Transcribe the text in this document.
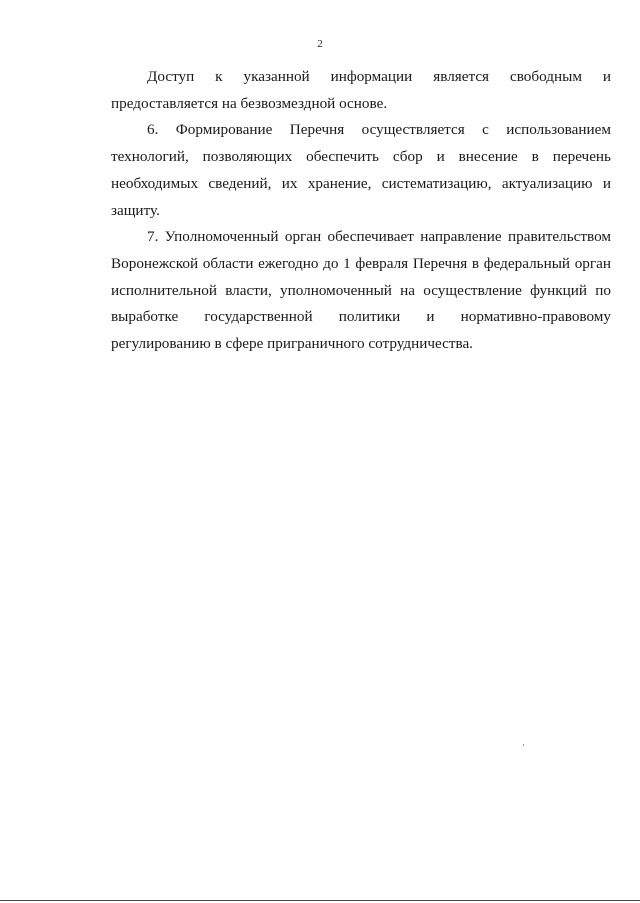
2

Доступ к указанной информации является свободным и
предоставляется на безвозмездной основе.

6. Формирование Перечня осуществляется с использованием
технологий, позволяющих обеспечить сбор и внесение в перечень
необходимых сведений, их хранение, систематизацию, актуализацию и
защиту.

7. Уполномоченный орган обеспечивает направление правительством
Воронежской области ежегодно до 1 февраля Перечня в федеральный орган
исполнительной власти, уполномоченный на осуществление функций по
выработке государственной политики и нормативно-правовому
регулированию в сфере приграничного сотрудничества.
